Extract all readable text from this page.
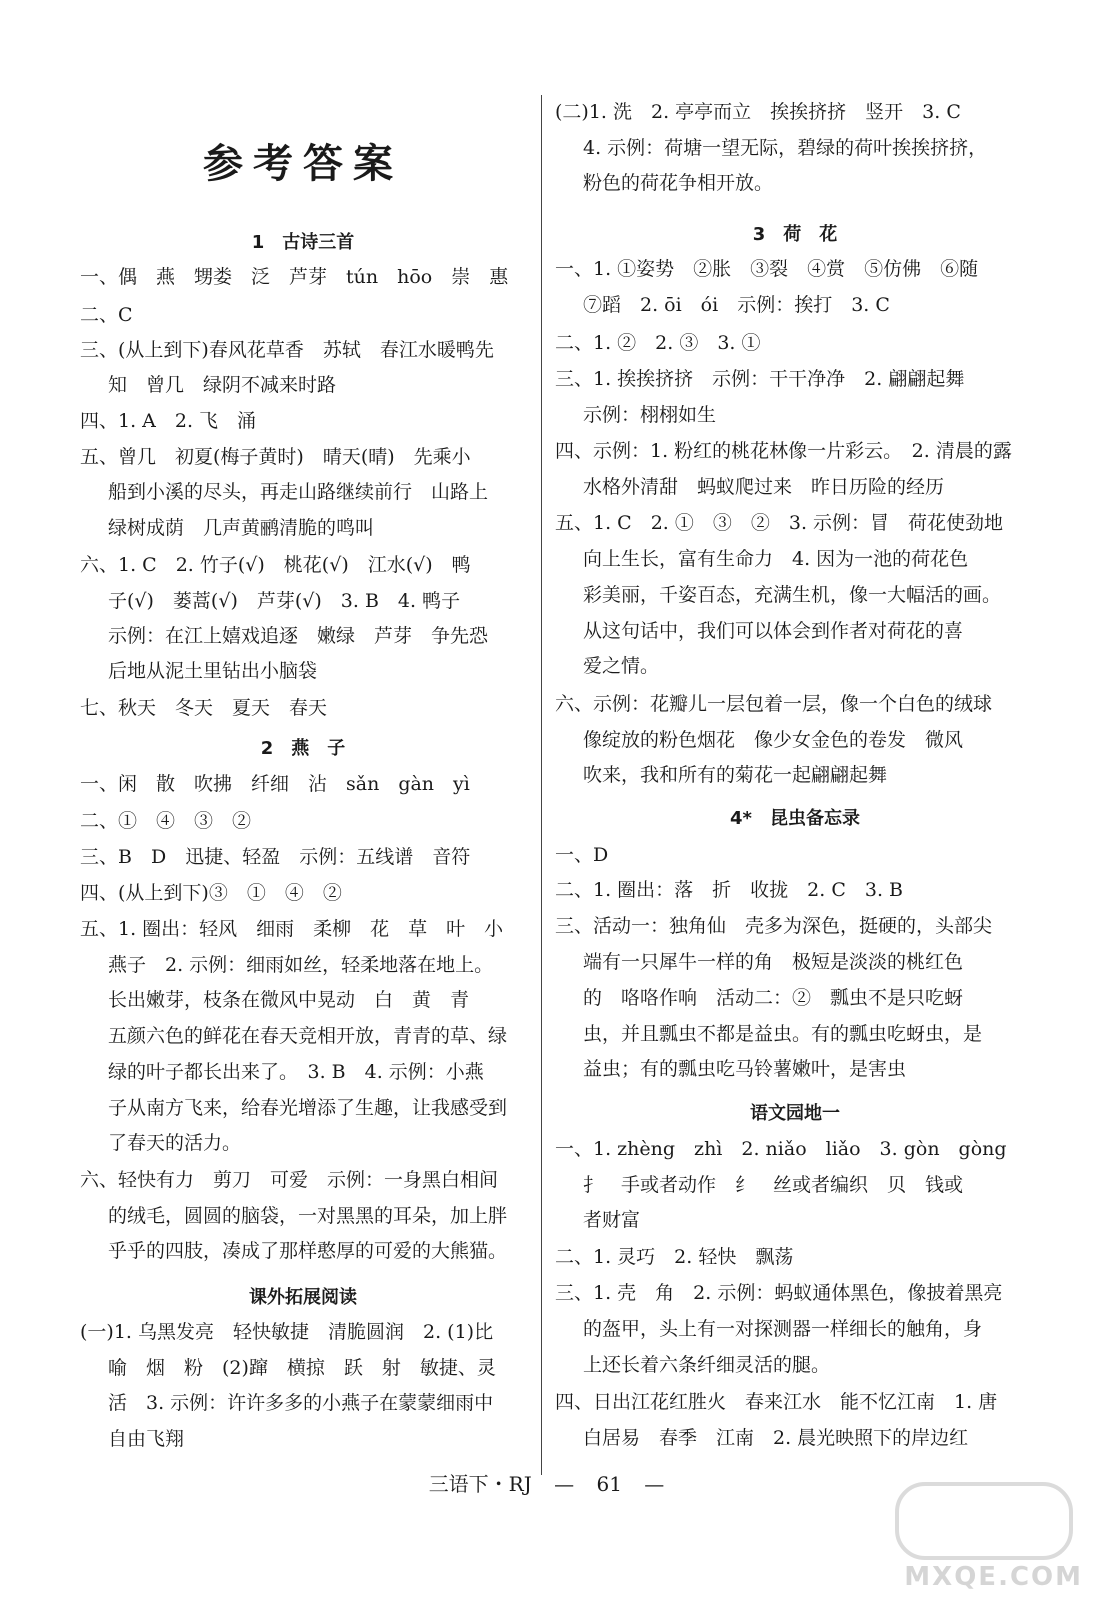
参考答案
1　古诗三首
2　燕　子
课外拓展阅读
一、偶　燕　甥娄　泛　芦芽　tún　hōo　崇　惠
二、C
三、(从上到下)春风花草香　苏轼　春江水暖鸭先
知　曾几　绿阴不减来时路
四、1. A　2. 飞　涌
五、曾几　初夏(梅子黄时)　晴天(晴)　先乘小
船到小溪的尽头，再走山路继续前行　山路上
绿树成荫　几声黄鹂清脆的鸣叫
六、1. C　2. 竹子(√)　桃花(√)　江水(√)　鸭
子(√)　蒌蒿(√)　芦芽(√)　3. B　4. 鸭子
示例：在江上嬉戏追逐　嫩绿　芦芽　争先恐
后地从泥土里钻出小脑袋
七、秋天　冬天　夏天　春天
一、闲　散　吹拂　纤细　沾　sǎn　gàn　yì
二、①　④　③　②
三、B　D　迅捷、轻盈　示例：五线谱　音符
四、(从上到下)③　①　④　②
五、1. 圈出：轻风　细雨　柔柳　花　草　叶　小
燕子　2. 示例：细雨如丝，轻柔地落在地上。
长出嫩芽，枝条在微风中晃动　白　黄　青
五颜六色的鲜花在春天竞相开放，青青的草、绿
绿的叶子都长出来了。　3. B　4. 示例：小燕
子从南方飞来，给春光增添了生趣，让我感受到
了春天的活力。
六、轻快有力　剪刀　可爱　示例：一身黑白相间
的绒毛，圆圆的脑袋，一对黑黑的耳朵，加上胖
乎乎的四肢，凑成了那样憨厚的可爱的大熊猫。
(一)1. 乌黑发亮　轻快敏捷　清脆圆润　2. (1)比
喻　烟　粉　(2)蹿　横掠　跃　射　敏捷、灵
活　3. 示例：许许多多的小燕子在蒙蒙细雨中
自由飞翔
3　荷　花
4*　昆虫备忘录
语文园地一
(二)1. 洗　2. 亭亭而立　挨挨挤挤　竖开　3. C
4. 示例：荷塘一望无际，碧绿的荷叶挨挨挤挤，
粉色的荷花争相开放。
一、1. ①姿势　②胀　③裂　④赏　⑤仿佛　⑥随
⑦蹈　2. ōi　ói　示例：挨打　3. C
二、1. ②　2. ③　3. ①
三、1. 挨挨挤挤　示例：干干净净　2. 翩翩起舞
示例：栩栩如生
四、示例：1. 粉红的桃花林像一片彩云。　2. 清晨的露
水格外清甜　蚂蚁爬过来　昨日历险的经历
五、1. C　2. ①　③　②　3. 示例：冒　荷花使劲地
向上生长，富有生命力　4. 因为一池的荷花色
彩美丽，千姿百态，充满生机，像一大幅活的画。
从这句话中，我们可以体会到作者对荷花的喜
爱之情。
六、示例：花瓣儿一层包着一层，像一个白色的绒球
像绽放的粉色烟花　像少女金色的卷发　微风
吹来，我和所有的菊花一起翩翩起舞
一、D
二、1. 圈出：落　折　收拢　2. C　3. B
三、活动一：独角仙　壳多为深色，挺硬的，头部尖
端有一只犀牛一样的角　极短是淡淡的桃红色
的　咯咯作响　活动二：②　瓢虫不是只吃蚜
虫，并且瓢虫不都是益虫。有的瓢虫吃蚜虫，是
益虫；有的瓢虫吃马铃薯嫩叶，是害虫
一、1. zhèng　zhì　2. niǎo　liǎo　3. gòn　gòng
扌　手或者动作　纟　丝或者编织　贝　钱或
者财富
二、1. 灵巧　2. 轻快　飘荡
三、1. 壳　角　2. 示例：蚂蚁通体黑色，像披着黑亮
的盔甲，头上有一对探测器一样细长的触角，身
上还长着六条纤细灵活的腿。
四、日出江花红胜火　春来江水　能不忆江南　1. 唐
白居易　春季　江南　2. 晨光映照下的岸边红
三语下・RJ — 61 —
MXQE.COM
